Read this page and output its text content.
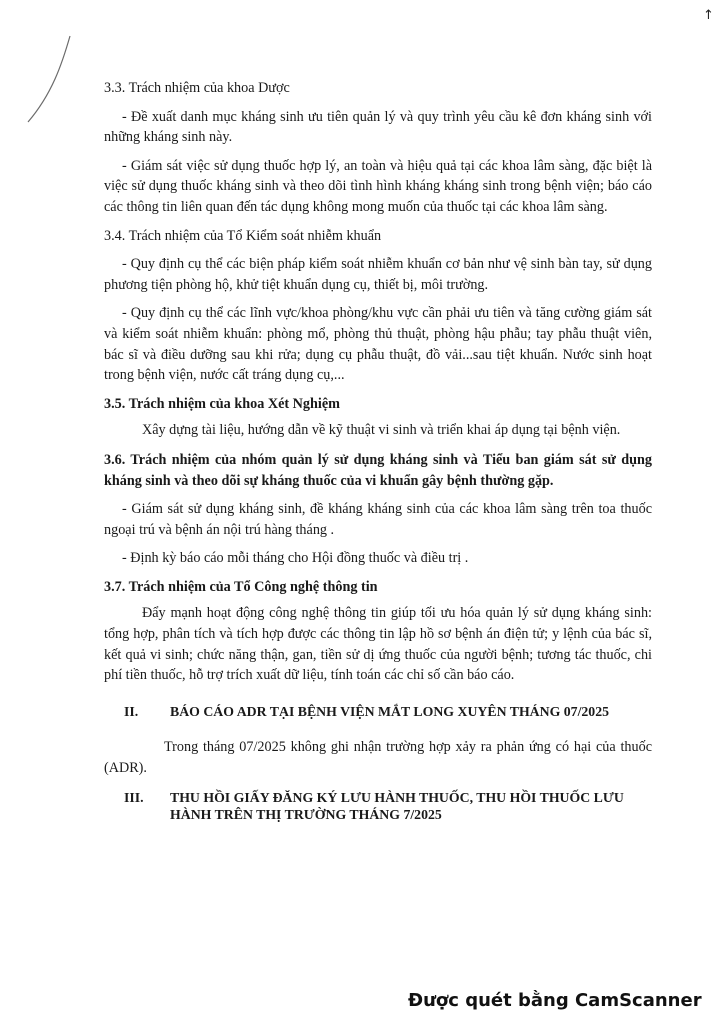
↑

3.3. Trách nhiệm của khoa Dược

- Đề xuất danh mục kháng sinh ưu tiên quản lý và quy trình yêu cầu kê đơn kháng sinh với những kháng sinh này.

- Giám sát việc sử dụng thuốc hợp lý, an toàn và hiệu quả tại các khoa lâm sàng, đặc biệt là việc sử dụng thuốc kháng sinh và theo dõi tình hình kháng kháng sinh trong bệnh viện; báo cáo các thông tin liên quan đến tác dụng không mong muốn của thuốc tại các khoa lâm sàng.

3.4. Trách nhiệm của Tổ Kiểm soát nhiễm khuẩn

- Quy định cụ thể các biện pháp kiểm soát nhiễm khuẩn cơ bản như vệ sinh bàn tay, sử dụng phương tiện phòng hộ, khử tiệt khuẩn dụng cụ, thiết bị, môi trường.

- Quy định cụ thể các lĩnh vực/khoa phòng/khu vực cần phải ưu tiên và tăng cường giám sát và kiểm soát nhiễm khuẩn: phòng mổ, phòng thủ thuật, phòng hậu phẫu; tay phẫu thuật viên, bác sĩ và điều dưỡng sau khi rửa; dụng cụ phẫu thuật, đồ vải...sau tiệt khuẩn. Nước sinh hoạt trong bệnh viện, nước cất tráng dụng cụ,...

3.5. Trách nhiệm của khoa Xét Nghiệm

Xây dựng tài liệu, hướng dẫn về kỹ thuật vi sinh và triển khai áp dụng tại bệnh viện.

3.6. Trách nhiệm của nhóm quản lý sử dụng kháng sinh và Tiểu ban giám sát sử dụng kháng sinh và theo dõi sự kháng thuốc của vi khuẩn gây bệnh thường gặp.

- Giám sát sử dụng kháng sinh, đề kháng kháng sinh của các khoa lâm sàng trên toa thuốc ngoại trú và bệnh án nội trú hàng tháng .

- Định kỳ báo cáo mỗi tháng cho Hội đồng thuốc và điều trị .

3.7. Trách nhiệm của Tổ Công nghệ thông tin

Đẩy mạnh hoạt động công nghệ thông tin giúp tối ưu hóa quản lý sử dụng kháng sinh: tổng hợp, phân tích và tích hợp được các thông tin lập hồ sơ bệnh án điện tử; y lệnh của bác sĩ, kết quả vi sinh; chức năng thận, gan, tiền sử dị ứng thuốc của người bệnh; tương tác thuốc, chi phí tiền thuốc, hỗ trợ trích xuất dữ liệu, tính toán các chỉ số cần báo cáo.

II. BÁO CÁO ADR TẠI BỆNH VIỆN MẮT LONG XUYÊN THÁNG 07/2025

Trong tháng 07/2025 không ghi nhận trường hợp xảy ra phản ứng có hại của thuốc (ADR).

III. THU HỒI GIẤY ĐĂNG KÝ LƯU HÀNH THUỐC, THU HỒI THUỐC LƯU HÀNH TRÊN THỊ TRƯỜNG THÁNG 7/2025
Được quét bằng CamScanner
